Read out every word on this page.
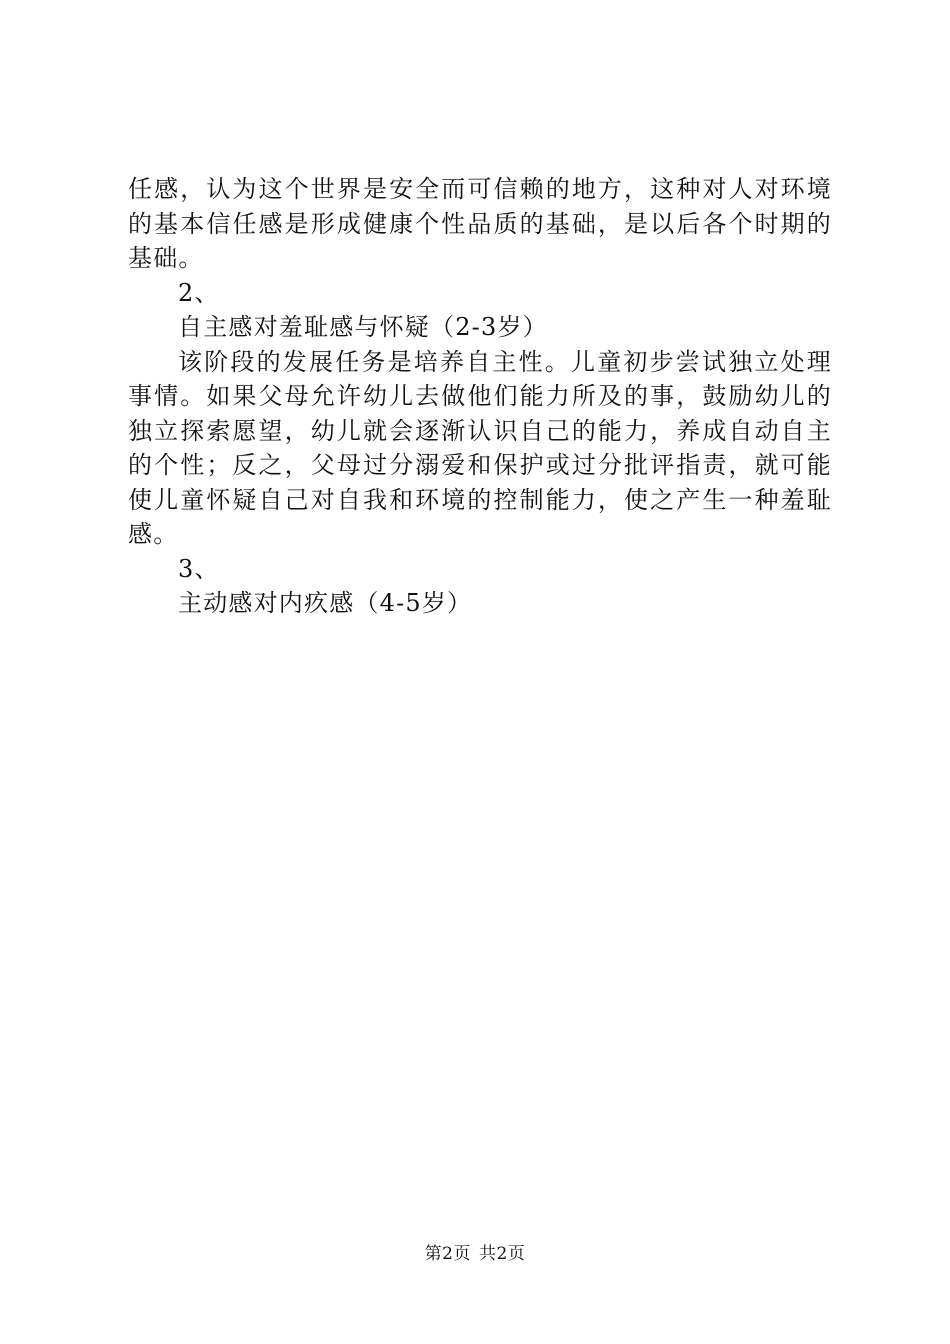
任感，认为这个世界是安全而可信赖的地方，这种对人对环境的基本信任感是形成健康个性品质的基础，是以后各个时期的基础。

2、

自主感对羞耻感与怀疑（2-3岁）

该阶段的发展任务是培养自主性。儿童初步尝试独立处理事情。如果父母允许幼儿去做他们能力所及的事，鼓励幼儿的独立探索愿望，幼儿就会逐渐认识自己的能力，养成自动自主的个性；反之，父母过分溺爱和保护或过分批评指责，就可能使儿童怀疑自己对自我和环境的控制能力，使之产生一种羞耻感。

3、

主动感对内疚感（4-5岁）

第2页 共2页
